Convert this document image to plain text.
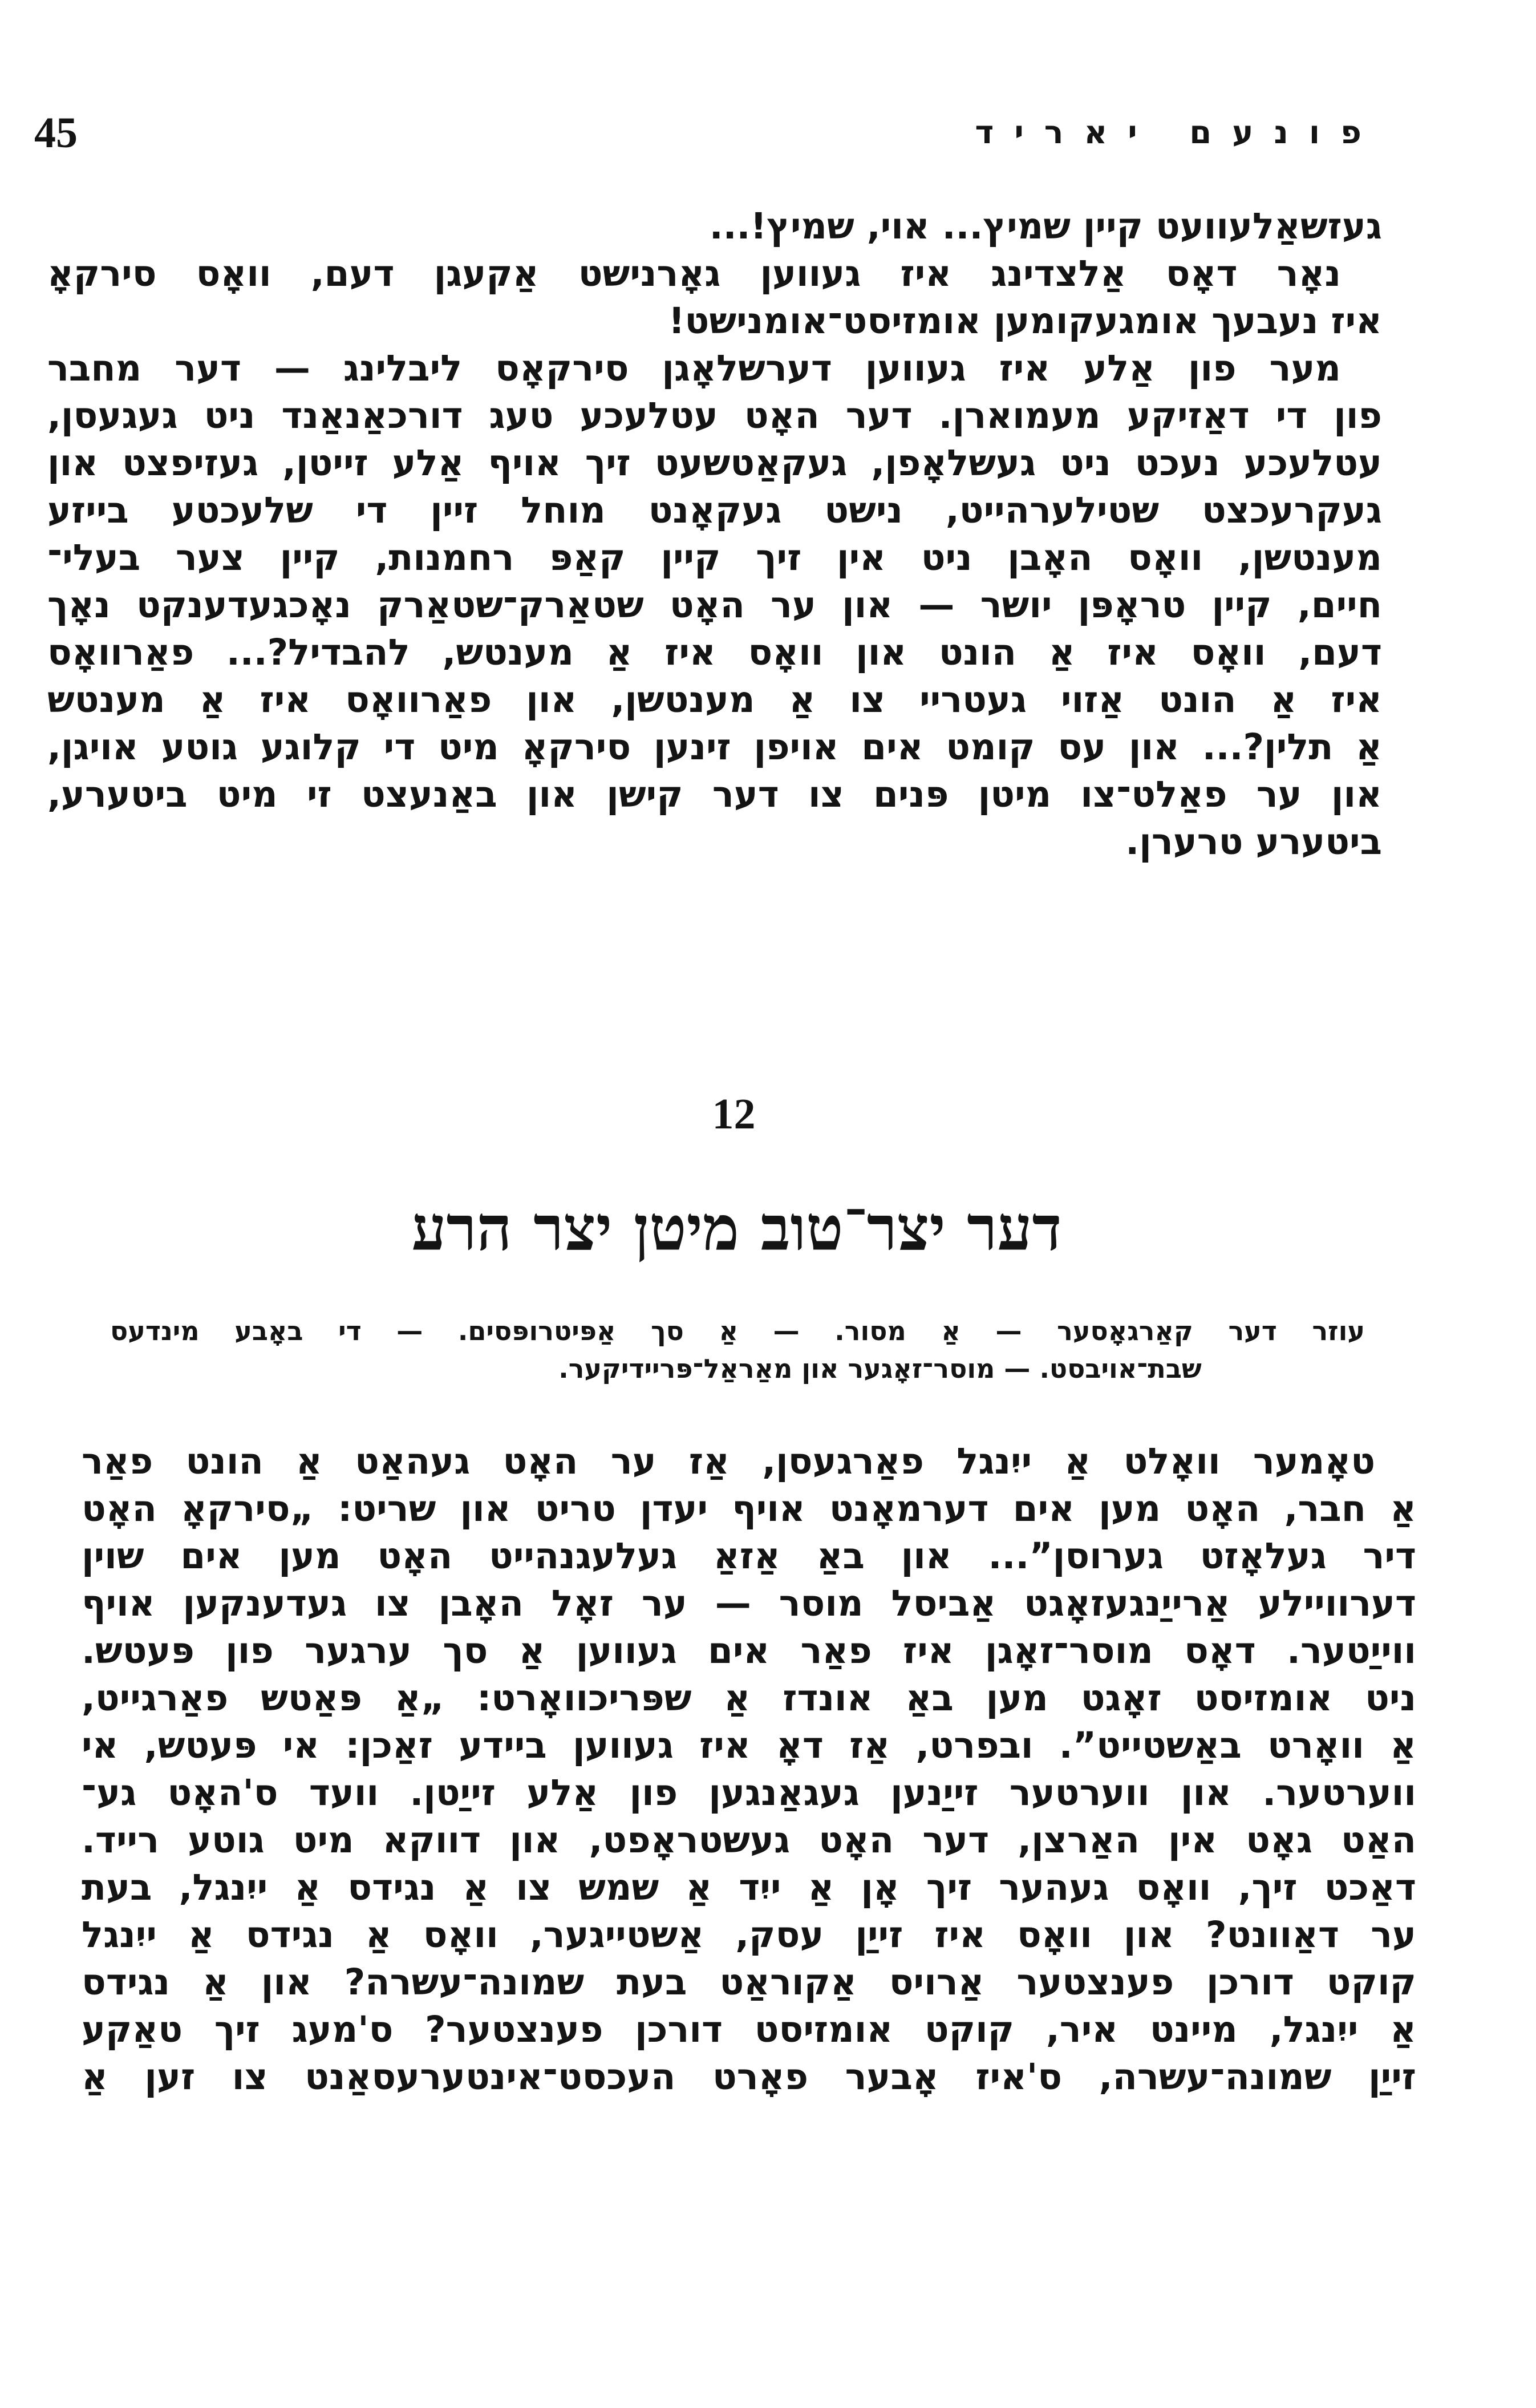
45	פונעם יאריד
געזשאַלעוועט קיין שמיץ... אוי, שמיץ!...
נאָר דאָס אַלצדינג איז געווען גאָרנישט אַקעגן דעם, וואָס סירקאָ
איז נעבעך אומגעקומען אומזיסט־אומנישט!
מער פון אַלע איז געווען דערשלאָגן סירקאָס ליבלינג — דער מחבר
פון די דאַזיקע מעמוארן. דער האָט עטלעכע טעג דורכאַנאַנד ניט געגעסן,
עטלעכע נעכט ניט געשלאָפן, געקאַטשעט זיך אויף אַלע זייטן, געזיפצט און
געקרעכצט שטילערהייט, נישט געקאָנט מוחל זיין די שלעכטע בייזע
מענטשן, וואָס האָבן ניט אין זיך קיין קאַפּ רחמנות, קיין צער בעלי־
חיים, קיין טראָפּן יושר — און ער האָט שטאַרק־שטאַרק נאָכגעדענקט נאָך
דעם, וואָס איז אַ הונט און וואָס איז אַ מענטש, להבדיל?... פאַרוואָס
איז אַ הונט אַזוי געטריי צו אַ מענטשן, און פאַרוואָס איז אַ מענטש
אַ תלין?... און עס קומט אים אויפן זינען סירקאָ מיט די קלוגע גוטע אויגן,
און ער פאַלט־צו מיטן פּנים צו דער קישן און באַנעצט זי מיט ביטערע,
ביטערע טרערן.
12
דער יצר־טוב מיטן יצר הרע
עוזר דער קאַרגאָסער — אַ מסור. — אַ סך אַפּיטרופּסים. — די באָבע מינדעס
שבת־אויבסט. — מוסר־זאָגער און מאַראַל־פּריידיקער.
טאָמער וואָלט אַ ייִנגל פאַרגעסן, אַז ער האָט געהאַט אַ הונט פאַר
אַ חבר, האָט מען אים דערמאָנט אויף יעדן טריט און שריט: „סירקאָ האָט
דיר געלאָזט גערוסן”... און באַ אַזאַ געלעגנהייט האָט מען אים שוין
דערוויילע אַרייַנגעזאָגט אַביסל מוסר — ער זאָל האָבן צו געדענקען אויף
ווייַטער. דאָס מוסר־זאָגן איז פאַר אים געווען אַ סך ערגער פון פּעטש.
ניט אומזיסט זאָגט מען באַ אונדז אַ שפּריכוואָרט: „אַ פּאַטש פאַרגייט,
אַ וואָרט באַשטייט”. ובפרט, אַז דאָ איז געווען ביידע זאַכן: אי פּעטש, אי
ווערטער. און ווערטער זייַנען געגאַנגען פון אַלע זייַטן. וועד ס'האָט גע־
האַט גאָט אין האַרצן, דער האָט געשטראָפט, און דווקא מיט גוטע רייד.
דאַכט זיך, וואָס געהער זיך אָן אַ ייִד אַ שמש צו אַ נגידס אַ ייִנגל, בעת
ער דאַוונט? און וואָס איז זייַן עסק, אַשטייגער, וואָס אַ נגידס אַ ייִנגל
קוקט דורכן פענצטער אַרויס אַקוראַט בעת שמונה־עשרה? און אַ נגידס
אַ ייִנגל, מיינט איר, קוקט אומזיסט דורכן פענצטער? ס'מעג זיך טאַקע
זייַן שמונה־עשרה, ס'איז אָבער פאָרט העכסט־אינטערעסאַנט צו זען אַ
